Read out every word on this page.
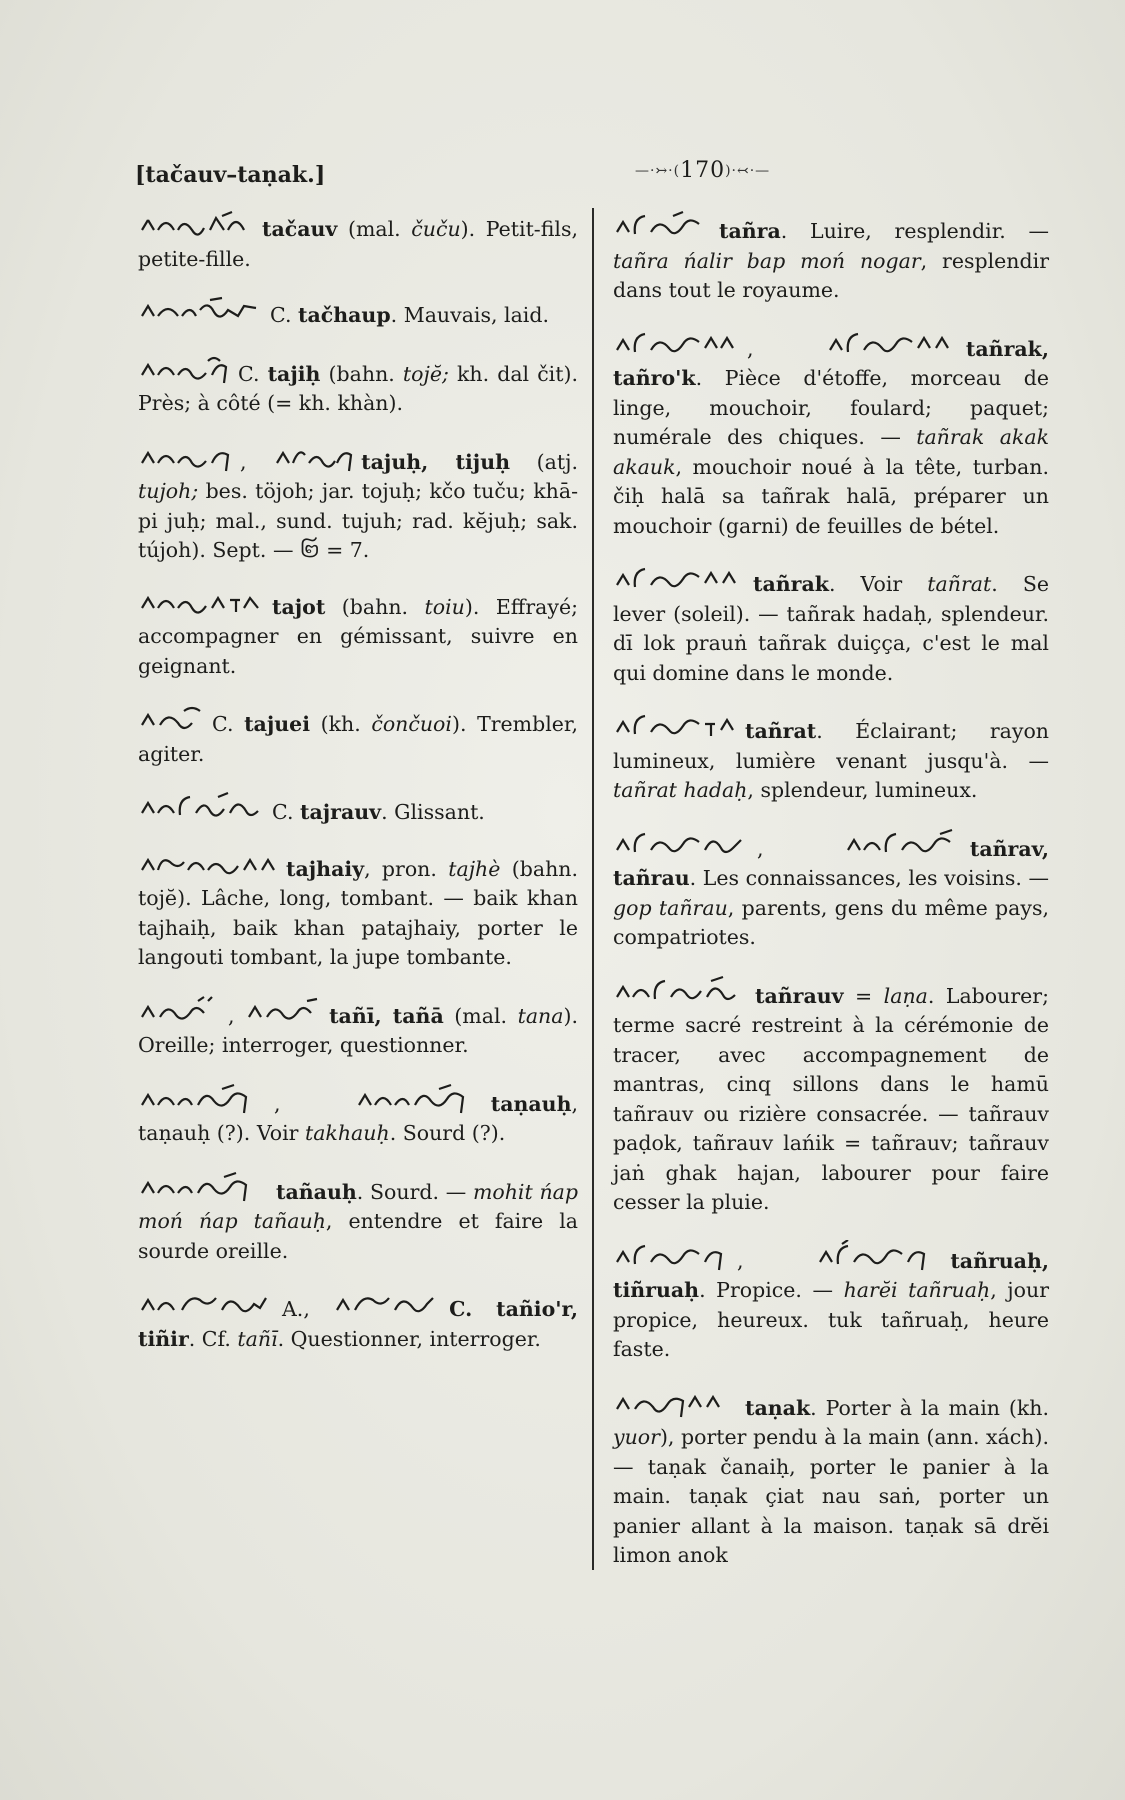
[tačauv–taṇak.]	—·↣·(170)·↢·—
tačauv (mal. čuču). Petit-fils, petite-fille.
C. tačhaup. Mauvais, laid.
C. tajiḥ (bahn. tojĕ; kh. dal čit). Près; à côté (= kh. khàn).
,	tajuḥ, tijuḥ (atj. tujoh; bes. töjoh; jar. tojuḥ; kčo tuču; khā-pi juḥ; mal., sund. tujuh; rad. kĕjuḥ; sak. tújoh). Sept. — ꩒ = 7.
tajot (bahn. toiu). Effrayé; accompagner en gémissant, suivre en geignant.
C. tajuei (kh. čončuoi). Trembler, agiter.
C. tajrauv. Glissant.
tajhaiy, pron. tajhè (bahn. tojĕ). Lâche, long, tombant. — baik khan tajhaiḥ, baik khan patajhaiy, porter le langouti tombant, la jupe tombante.
,	tañī, tañā (mal. tana). Oreille; interroger, questionner.
,	taṇauḥ, taṇauḥ (?). Voir takhauḥ. Sourd (?).
tañauḥ. Sourd. — mohit ńap moń ńap tañauḥ, entendre et faire la sourde oreille.
A.,	C. tañio'r, tiñir. Cf. tañī. Questionner, interroger.
tañra. Luire, resplendir. — tañra ńalir bap moń nogar, resplendir dans tout le royaume.
,	tañrak, tañro'k. Pièce d'étoffe, morceau de linge, mouchoir, foulard; paquet; numérale des chiques. — tañrak akak akauk, mouchoir noué à la tête, turban. čiḥ halā sa tañrak halā, préparer un mouchoir (garni) de feuilles de bétel.
tañrak. Voir tañrat. Se lever (soleil). — tañrak hadaḥ, splendeur. dī lok prauṅ tañrak duiçça, c'est le mal qui domine dans le monde.
tañrat. Éclairant; rayon lumineux, lumière venant jusqu'à. — tañrat hadaḥ, splendeur, lumineux.
,	tañrav, tañrau. Les connaissances, les voisins. — gop tañrau, parents, gens du même pays, compatriotes.
tañrauv = laṇa. Labourer; terme sacré restreint à la cérémonie de tracer, avec accompagnement de mantras, cinq sillons dans le hamū tañrauv ou rizière consacrée. — tañrauv paḍok, tañrauv lańik = tañrauv; tañrauv jaṅ ghak hajan, labourer pour faire cesser la pluie.
,	tañruaḥ, tiñruaḥ. Propice. — harĕi tañruaḥ, jour propice, heureux. tuk tañruaḥ, heure faste.
taṇak. Porter à la main (kh. yuor), porter pendu à la main (ann. xách). — taṇak čanaiḥ, porter le panier à la main. taṇak çiat nau saṅ, porter un panier allant à la maison. taṇak sā drĕi limon anok
